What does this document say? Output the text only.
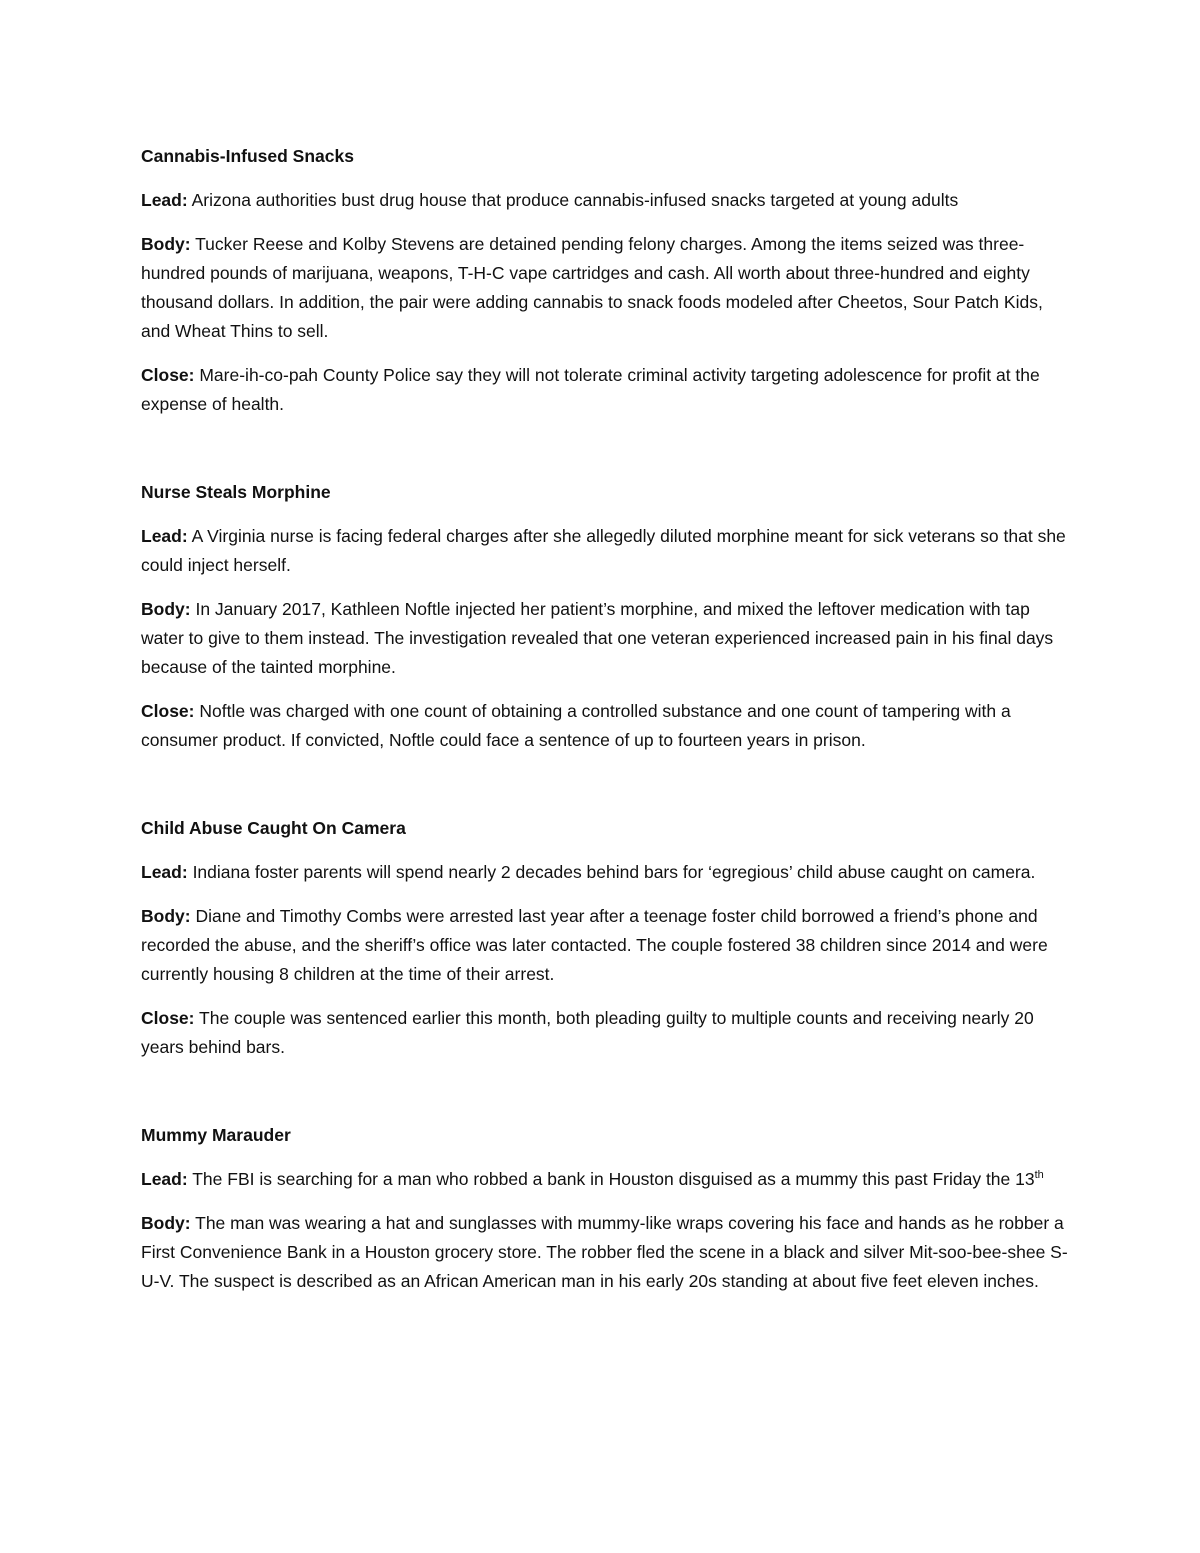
Cannabis-Infused Snacks

Lead: Arizona authorities bust drug house that produce cannabis-infused snacks targeted at young adults

Body: Tucker Reese and Kolby Stevens are detained pending felony charges. Among the items seized was three-hundred pounds of marijuana, weapons, T-H-C vape cartridges and cash. All worth about three-hundred and eighty thousand dollars. In addition, the pair were adding cannabis to snack foods modeled after Cheetos, Sour Patch Kids, and Wheat Thins to sell.

Close: Mare-ih-co-pah County Police say they will not tolerate criminal activity targeting adolescence for profit at the expense of health.

Nurse Steals Morphine

Lead: A Virginia nurse is facing federal charges after she allegedly diluted morphine meant for sick veterans so that she could inject herself.

Body: In January 2017, Kathleen Noftle injected her patient’s morphine, and mixed the leftover medication with tap water to give to them instead. The investigation revealed that one veteran experienced increased pain in his final days because of the tainted morphine.

Close: Noftle was charged with one count of obtaining a controlled substance and one count of tampering with a consumer product. If convicted, Noftle could face a sentence of up to fourteen years in prison.

Child Abuse Caught On Camera

Lead: Indiana foster parents will spend nearly 2 decades behind bars for ‘egregious’ child abuse caught on camera.

Body: Diane and Timothy Combs were arrested last year after a teenage foster child borrowed a friend’s phone and recorded the abuse, and the sheriff’s office was later contacted. The couple fostered 38 children since 2014 and were currently housing 8 children at the time of their arrest.

Close: The couple was sentenced earlier this month, both pleading guilty to multiple counts and receiving nearly 20 years behind bars.

Mummy Marauder

Lead: The FBI is searching for a man who robbed a bank in Houston disguised as a mummy this past Friday the 13th

Body: The man was wearing a hat and sunglasses with mummy-like wraps covering his face and hands as he robber a First Convenience Bank in a Houston grocery store. The robber fled the scene in a black and silver Mit-soo-bee-shee S-U-V. The suspect is described as an African American man in his early 20s standing at about five feet eleven inches.
